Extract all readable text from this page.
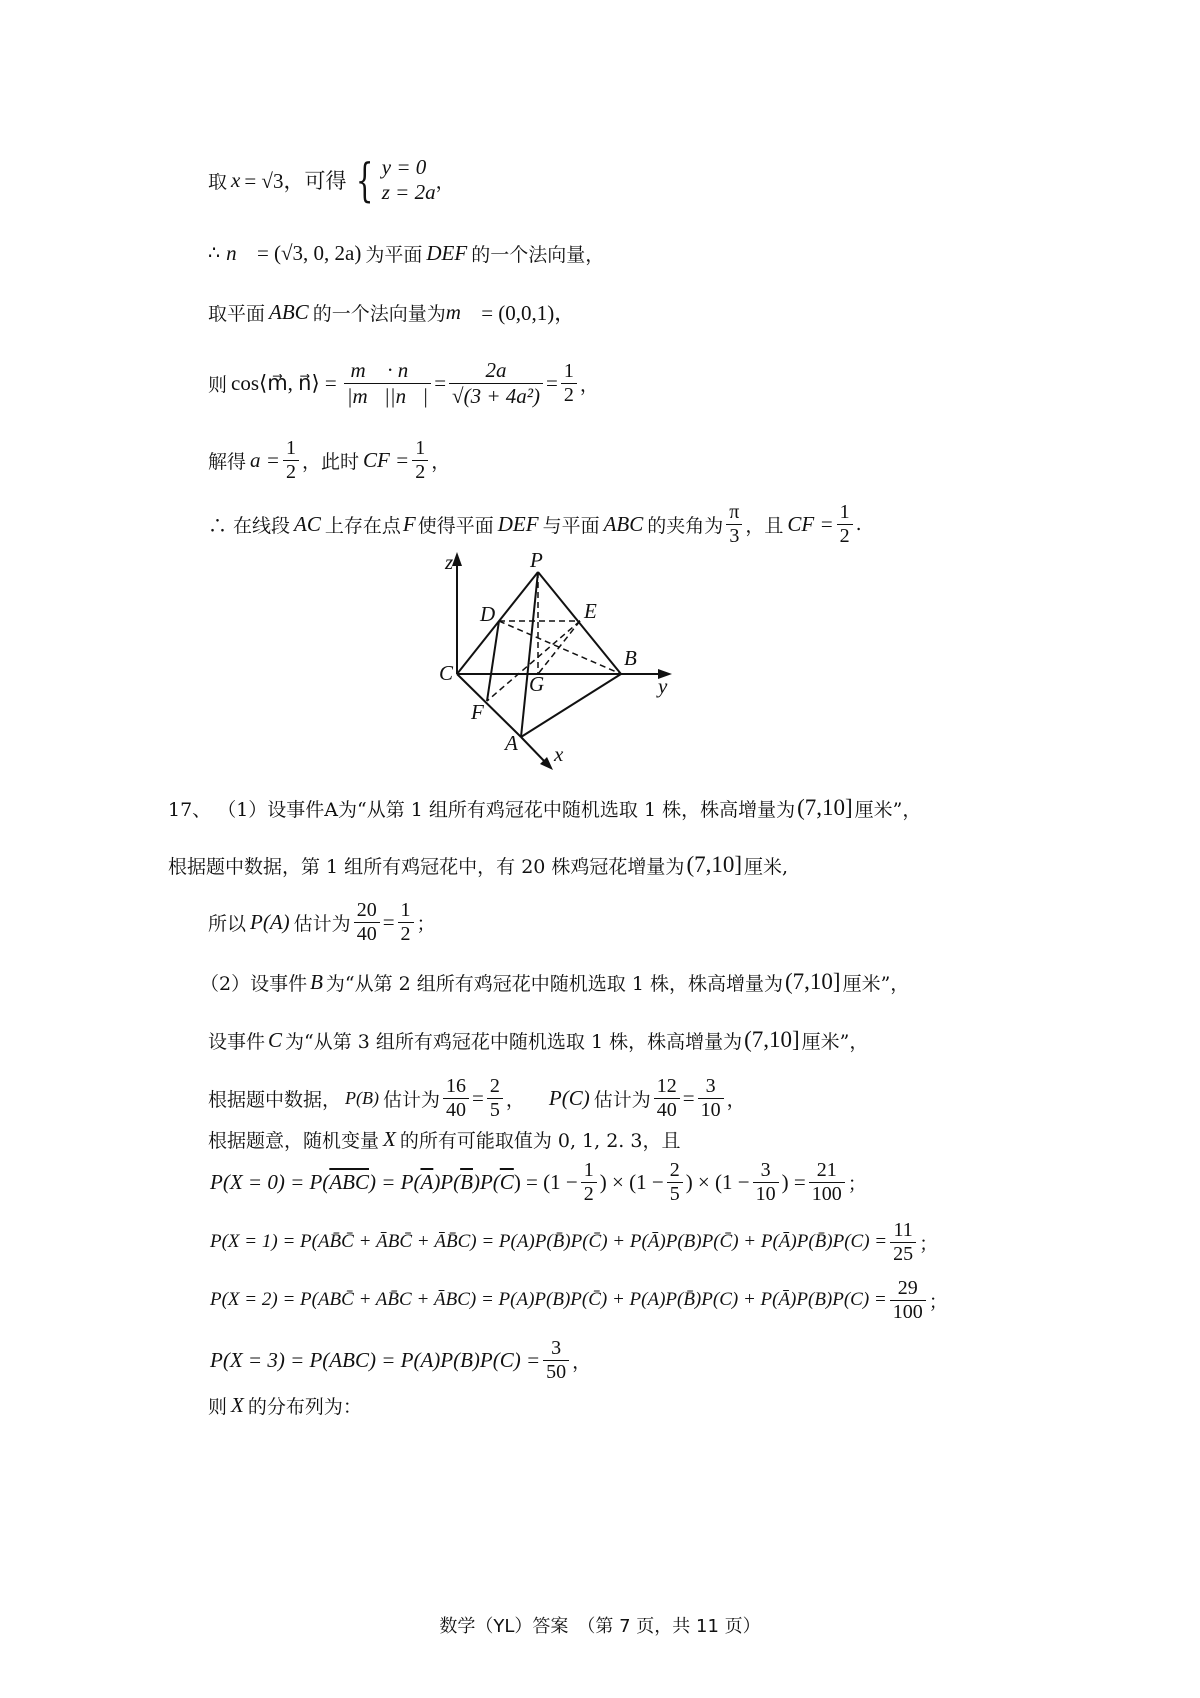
取 x = √3，可得 { y = 0
z = 2a ，
∴ n⃗ = (√3, 0, 2a) 为平面 DEF 的一个法向量，
取平面 ABC 的一个法向量为 m⃗ = (0,0,1)，
则 cos⟨m⃗, n⃗⟩ = $\frac{m⃗ \cdot n⃗}{|m⃗||n⃗|} = \frac{2a}{\text{√(3 + 4a²)}} = \frac{1}{2}$ ，
解得 $a = \frac{1}{2}$ ，此时 CF = $\frac{1}{2}$ ，
∴ 在线段 AC 上存在点 F 使得平面 DEF 与平面 ABC 的夹角为 $\frac{\pi}{3}$ ，且 CF = $\frac{1}{2}$ .
z	P
D	E
B
C	G	y
F
A x
17、 （1）设事件A为“从第 1 组所有鸡冠花中随机选取 1 株，株高增量为 (7,10] 厘米”，
根据题中数据，第 1 组所有鸡冠花中，有 20 株鸡冠花增量为 (7,10] 厘米,
所以 P(A) 估计为 $\frac{20}{40} = \frac{1}{2}$ ；
（2）设事件 B 为“从第 2 组所有鸡冠花中随机选取 1 株，株高增量为 (7,10] 厘米”，
设事件 C 为“从第 3 组所有鸡冠花中随机选取 1 株，株高增量为 (7,10] 厘米”，
根据题中数据， P(B) 估计为 $\frac{16}{40} = \frac{2}{5}$ ， P(C) 估计为 $\frac{12}{40} = \frac{3}{10}$ ，
根据题意，随机变量 X 的所有可能取值为 0, 1, 2. 3，且
P(X = 0) = P( $\overline{ABC}$ ) = P( $\overline{A}$ )P( $\overline{B}$ )P( $\overline{C}$ ) = ($1 - \frac{1}{2}$ ) × ($1 - \frac{2}{5}$ ) × ($1 - \frac{3}{10}$ ) = $\frac{21}{100}$ ；
P(X = 1) = P(AB̄C̄ + ĀBC̄ + ĀB̄C) = P(A)P(B̄)P(C̄) + P(Ā)P(B)P(C̄) + P(Ā)P(B̄)P(C) = $\frac{11}{25}$ ；
P(X = 2) = P(ABC̄ + AB̄C + ĀBC) = P(A)P(B)P(C̄) + P(A)P(B̄)P(C) + P(Ā)P(B)P(C) = $\frac{29}{100}$ ；
$P(X = 3) = P(ABC) = P(A)P(B)P(C) = \frac{3}{50}$ ，
则 X 的分布列为：
数学（YL）答案　（第 7 页，共 11 页）
